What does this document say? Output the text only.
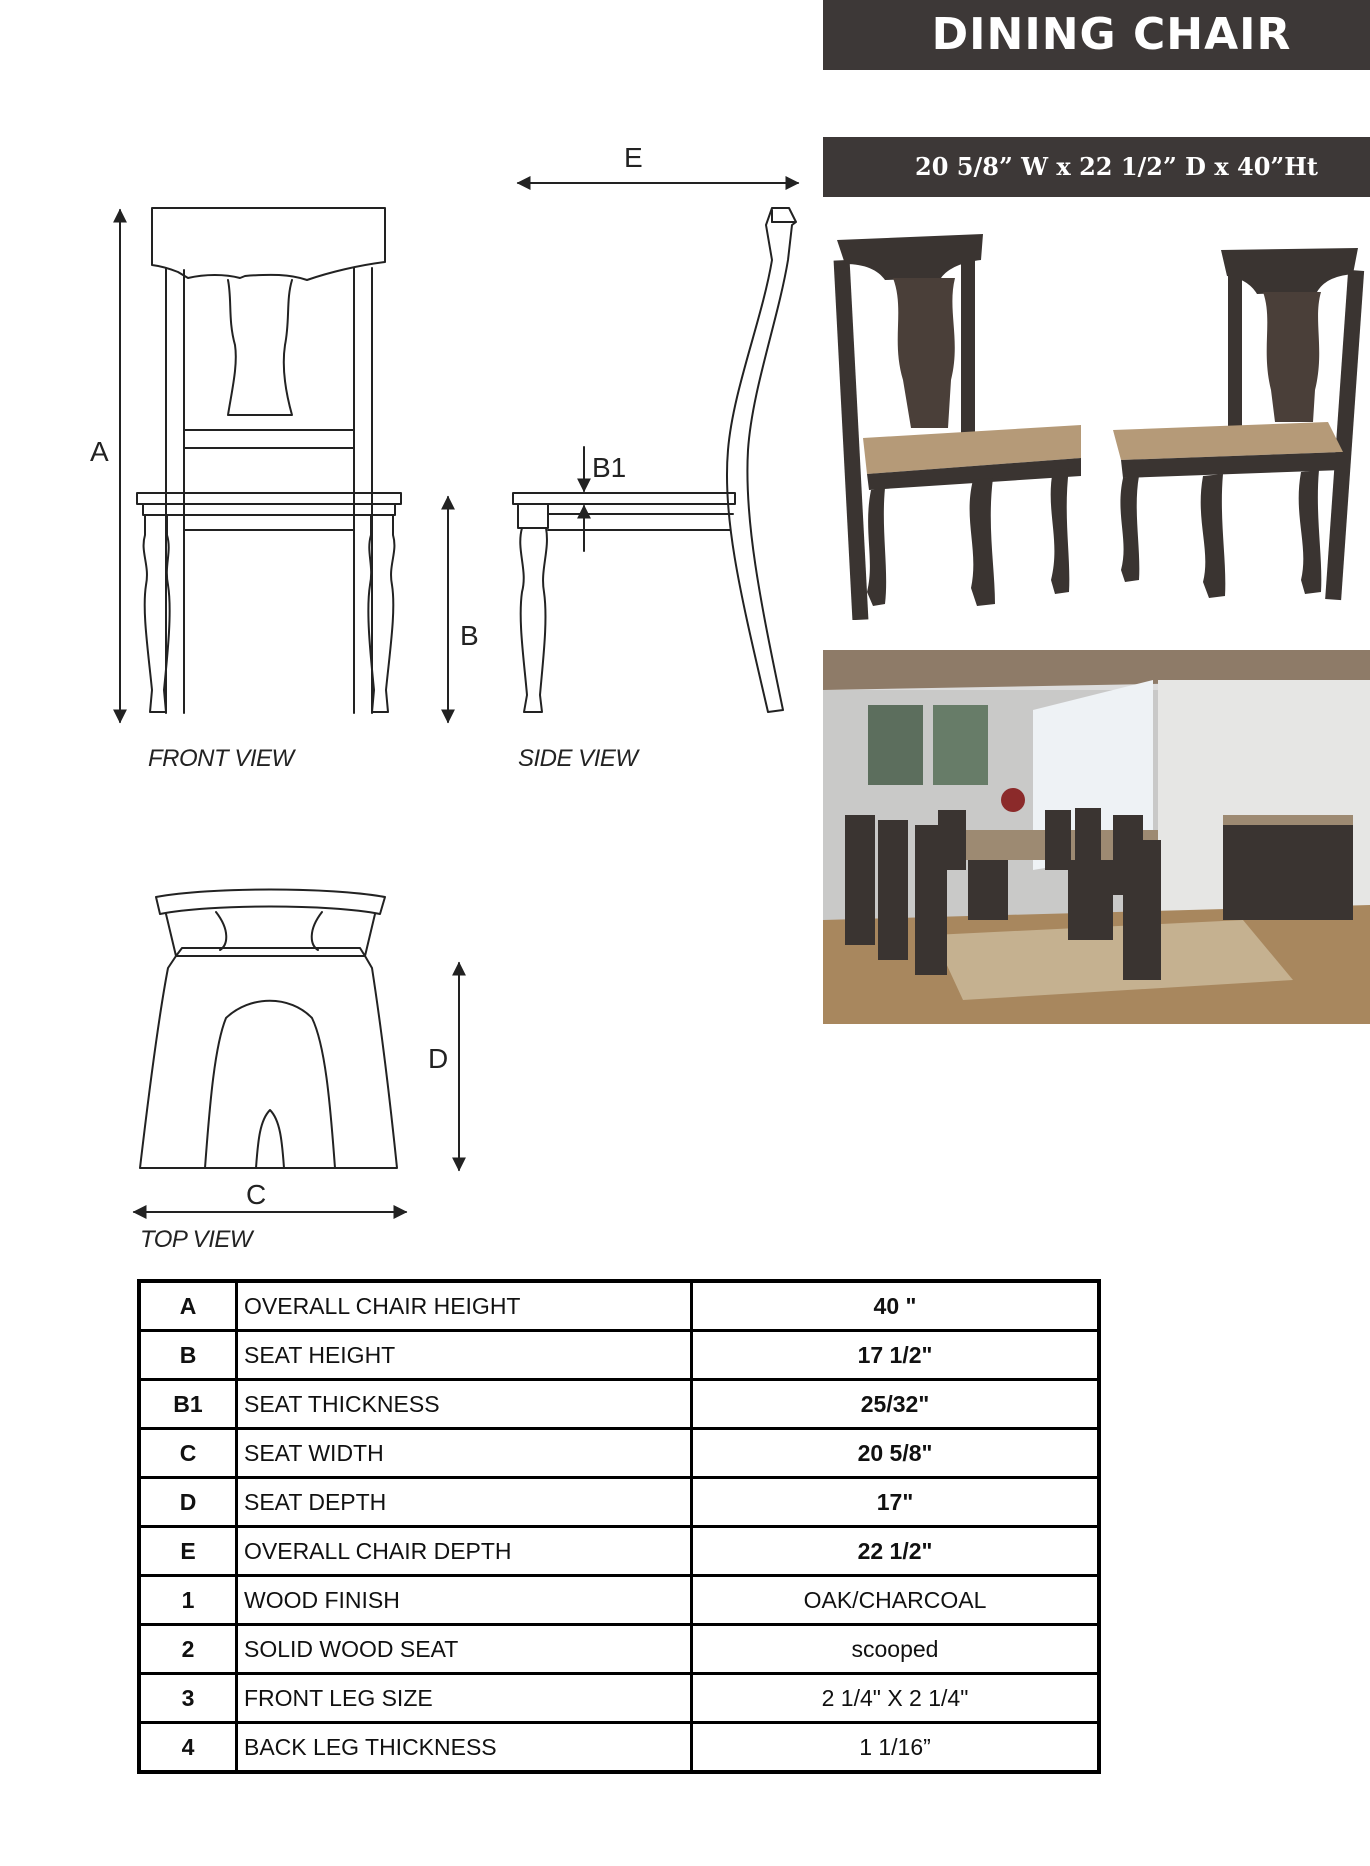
DINING CHAIR
20 5/8” W x 22 1/2” D x 40”Ht
A
B
B1
E
D
C
FRONT VIEW	SIDE VIEW
TOP VIEW
A	OVERALL CHAIR HEIGHT	40 "
B	SEAT HEIGHT	17 1/2"
B1	SEAT THICKNESS	25/32"
C	SEAT WIDTH	20 5/8"
D	SEAT DEPTH	17"
E	OVERALL CHAIR DEPTH	22 1/2"
1	WOOD FINISH	OAK/CHARCOAL
2	SOLID WOOD SEAT	scooped
3	FRONT LEG SIZE	2 1/4" X 2 1/4"
4	BACK LEG THICKNESS	1 1/16”
